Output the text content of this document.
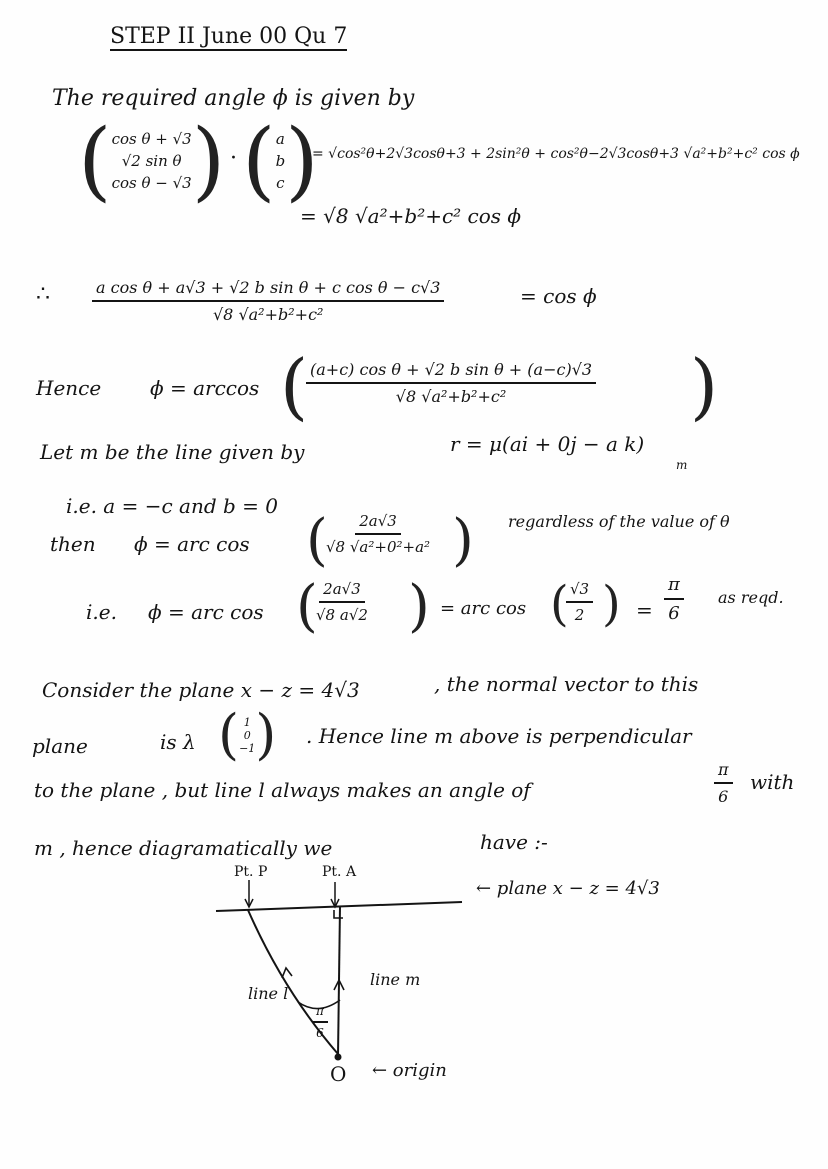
STEP II June 00 Qu 7
The required angle ϕ is given by
( cos θ + √3
√2 sin θ
cos θ − √3 ) · ( a
b
c )
= √cos²θ+2√3cosθ+3 + 2sin²θ + cos²θ−2√3cosθ+3 √a²+b²+c² cos ϕ
= √8 √a²+b²+c² cos ϕ
∴	$\frac{\text{a cos θ + a√3 + √2 b sin θ + c cos θ − c√3}}{\text{√8 √a²+b²+c²}}$	= cos ϕ
Hence ϕ = arccos (
$\frac{\text{(a+c) cos θ + √2 b sin θ + (a−c)√3}}{\text{√8 √a²+b²+c²}}$ )
Let m be the line given by	r = μ(ai + 0j − a k)
m
i.e. a = −c and b = 0
then ϕ = arc cos (
$\frac{2a√3}{\text{√8 √a²+0²+a²}}$ ) regardless of the value of θ
i.e. ϕ = arc cos (
$\frac{2a√3}{√8 a√2}$ ) = arc cos (
$\frac{√3}{2}$ ) = $\frac{\pi}{6}$ as reqd.
Consider the plane x − z = 4√3	, the normal vector to this
plane	is λ ( 1
0
−1 ) . Hence line m above is perpendicular
to the plane , but line l always makes an angle of	$\frac{\pi}{6}$ with
m , hence diagramatically we	have :-
Pt. P	Pt. A
← plane x − z = 4√3
line l
line m
$\frac{\pi}{6}$
O ← origin
